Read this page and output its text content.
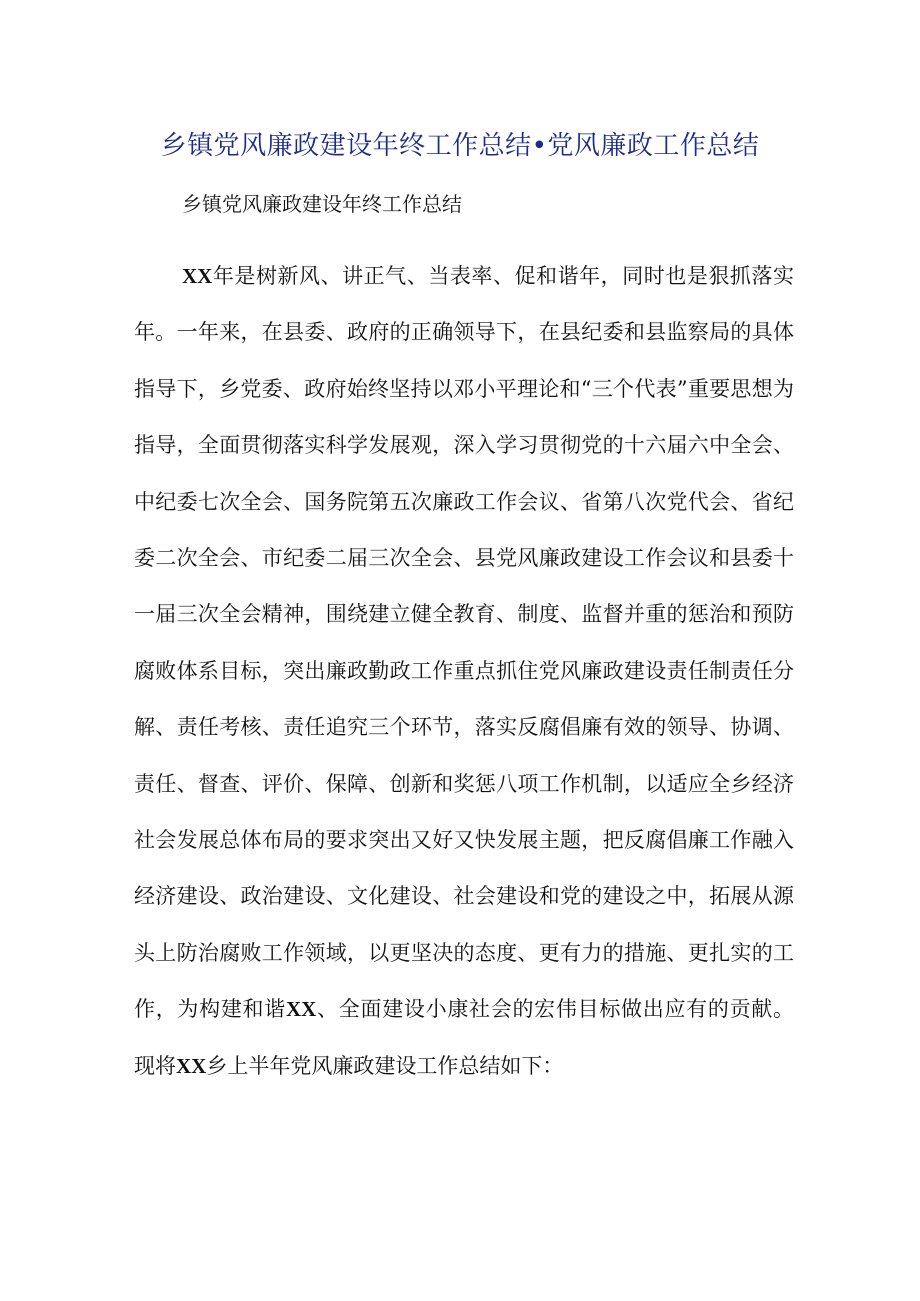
乡镇党风廉政建设年终工作总结•党风廉政工作总结
乡镇党风廉政建设年终工作总结

XX年是树新风、讲正气、当表率、促和谐年，同时也是狠抓落实年。一年来，在县委、政府的正确领导下，在县纪委和县监察局的具体指导下，乡党委、政府始终坚持以邓小平理论和“三个代表”重要思想为指导，全面贯彻落实科学发展观，深入学习贯彻党的十六届六中全会、中纪委七次全会、国务院第五次廉政工作会议、省第八次党代会、省纪委二次全会、市纪委二届三次全会、县党风廉政建设工作会议和县委十一届三次全会精神，围绕建立健全教育、制度、监督并重的惩治和预防腐败体系目标，突出廉政勤政工作重点抓住党风廉政建设责任制责任分解、责任考核、责任追究三个环节，落实反腐倡廉有效的领导、协调、责任、督查、评价、保障、创新和奖惩八项工作机制，以适应全乡经济社会发展总体布局的要求突出又好又快发展主题，把反腐倡廉工作融入经济建设、政治建设、文化建设、社会建设和党的建设之中，拓展从源头上防治腐败工作领域，以更坚决的态度、更有力的措施、更扎实的工作，为构建和谐XX、全面建设小康社会的宏伟目标做出应有的贡献。现将XX乡上半年党风廉政建设工作总结如下：
